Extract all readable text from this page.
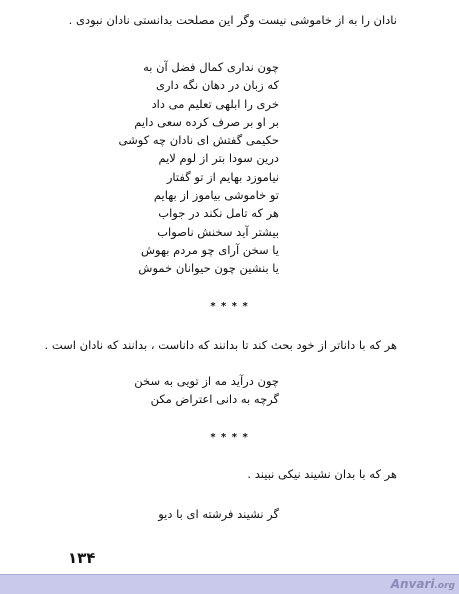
نادان را به از خاموشی نیست وگر این مصلحت بدانستی نادان نبودی .

چون نداری کمال فضل آن به
که زبان در دهان نگه داری
خری را ابلهی تعلیم می داد
بر او بر صرف کرده سعی دایم
حکیمی گفتش ای نادان چه کوشی
درین سودا بتر از لوم لایم
نیاموزد بهایم از تو گفتار
تو خاموشی بیاموز از بهایم
هر که تامل نکند در جواب
بیشتر آید سخنش ناصواب
یا سخن آرای چو مردم بهوش
یا بنشین چون حیوانان خموش

* * * *

هر که با داناتر از خود بحث کند تا بدانند که داناست ، بدانند که نادان است .

چون درآید مه از تویی به سخن
گرچه به دانی اعتراض مکن

* * * *

هر که با بدان نشیند نیکی نبیند .

گر نشیند فرشته ای با دیو

۱۳۴

Anvari.org
